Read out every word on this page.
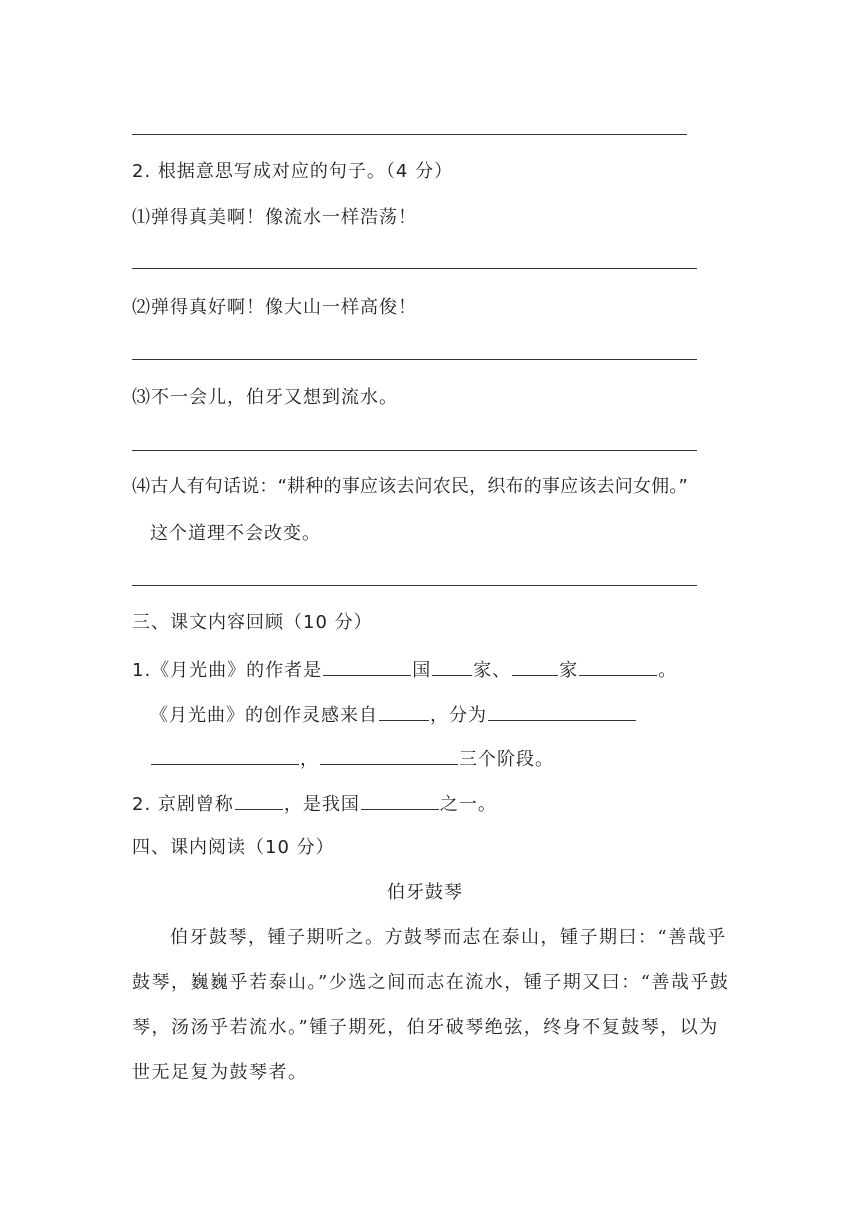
2. 根据意思写成对应的句子。（4 分）
⑴弹得真美啊！像流水一样浩荡！
⑵弹得真好啊！像大山一样高俊！
⑶不一会儿，伯牙又想到流水。
⑷古人有句话说：“耕种的事应该去问农民，织布的事应该去问女佣。”
这个道理不会改变。
三、课文内容回顾（10 分）
1.《月光曲》的作者是	国 家、	家	。
《月光曲》的创作灵感来自	，分为
，	三个阶段。
2. 京剧曾称	，是我国	之一。
四、课内阅读（10 分）
伯牙鼓琴
伯牙鼓琴，锺子期听之。方鼓琴而志在泰山，锺子期曰：“善哉乎鼓琴，巍巍乎若泰山。”少选之间而志在流水，锺子期又曰：“善哉乎鼓琴，汤汤乎若流水。”锺子期死，伯牙破琴绝弦，终身不复鼓琴，以为世无足复为鼓琴者。
